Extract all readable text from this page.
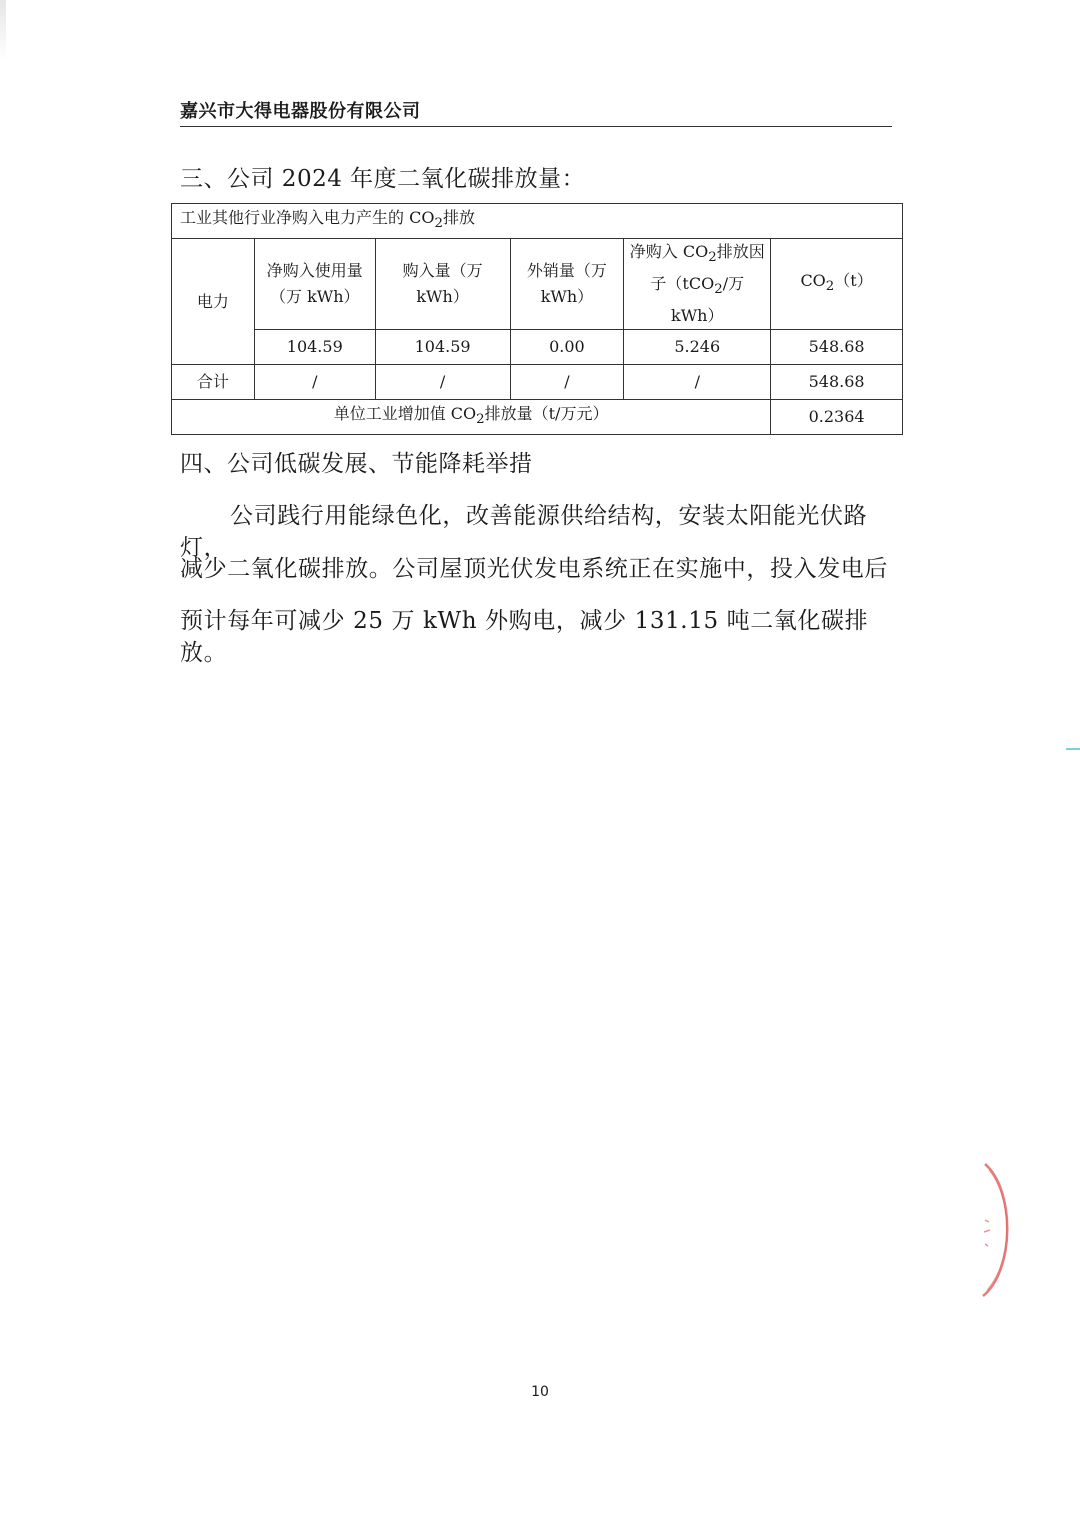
嘉兴市大得电器股份有限公司
三、公司 2024 年度二氧化碳排放量：
工业其他行业净购入电力产生的 $CO_2$排放					
电力	净购入使用量（万 kWh）	购入量（万 kWh）	外销量（万 kWh）	净购入 $CO_2$排放因子（tCO$_2$/万 kWh）	$CO_2(t)$
	104.59	104.59	0.00	5.246	548.68
合计	/	/	/	/	548.68
单位工业增加值 $CO_2$排放量（t/万元）					0.2364
四、公司低碳发展、节能降耗举措
公司践行用能绿色化，改善能源供给结构，安装太阳能光伏路灯，
减少二氧化碳排放。公司屋顶光伏发电系统正在实施中，投入发电后
预计每年可减少 25 万 kWh 外购电，减少 131.15 吨二氧化碳排放。
10
